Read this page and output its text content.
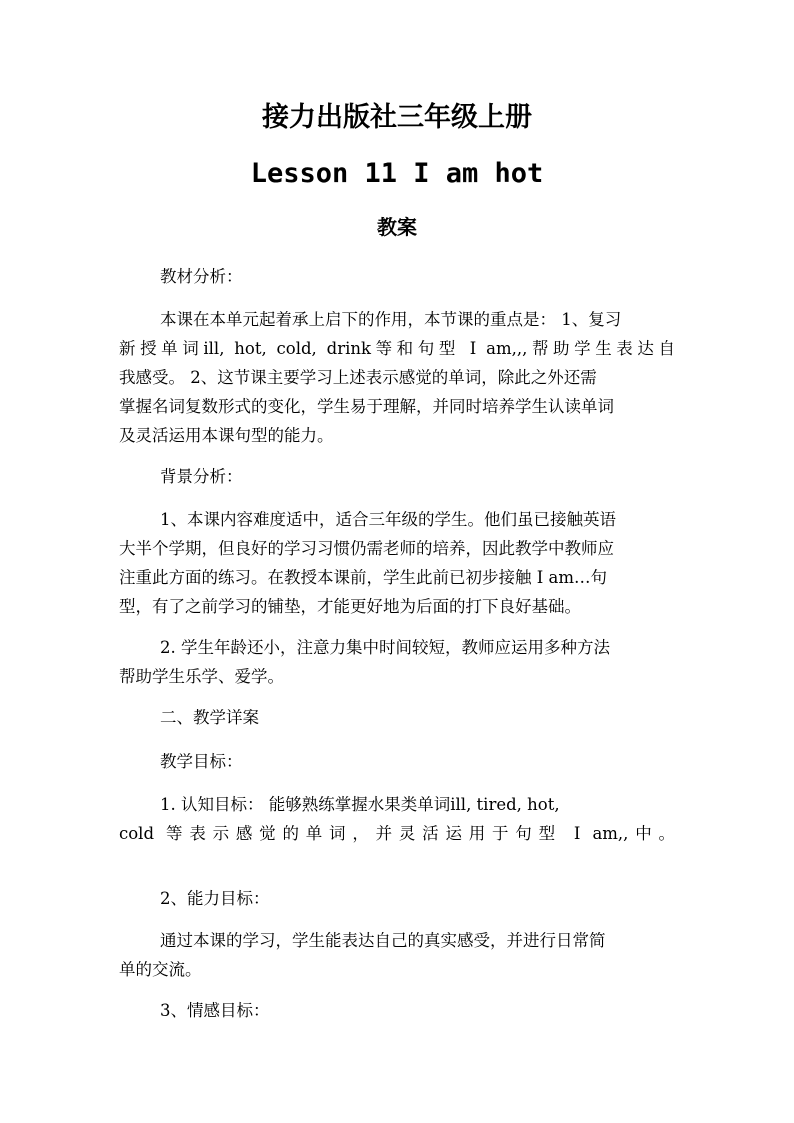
接力出版社三年级上册
Lesson 11 I am hot
教案
教材分析：
本课在本单元起着承上启下的作用，本节课的重点是： 1、复习
新授单词ill, hot, cold, drink等和句型 I am,,,帮助学生表达自
我感受。 2、这节课主要学习上述表示感觉的单词，除此之外还需
掌握名词复数形式的变化，学生易于理解，并同时培养学生认读单词
及灵活运用本课句型的能力。
背景分析：
1、本课内容难度适中，适合三年级的学生。他们虽已接触英语
大半个学期，但良好的学习习惯仍需老师的培养，因此教学中教师应
注重此方面的练习。在教授本课前，学生此前已初步接触 I am…句
型，有了之前学习的铺垫，才能更好地为后面的打下良好基础。
2. 学生年龄还小，注意力集中时间较短，教师应运用多种方法
帮助学生乐学、爱学。
二、教学详案
教学目标：
1. 认知目标： 能够熟练掌握水果类单词ill, tired, hot,
cold 等表示感觉的单词，并灵活运用于句型 I am,,中。
2、能力目标：
通过本课的学习，学生能表达自己的真实感受，并进行日常简
单的交流。
3、情感目标：
